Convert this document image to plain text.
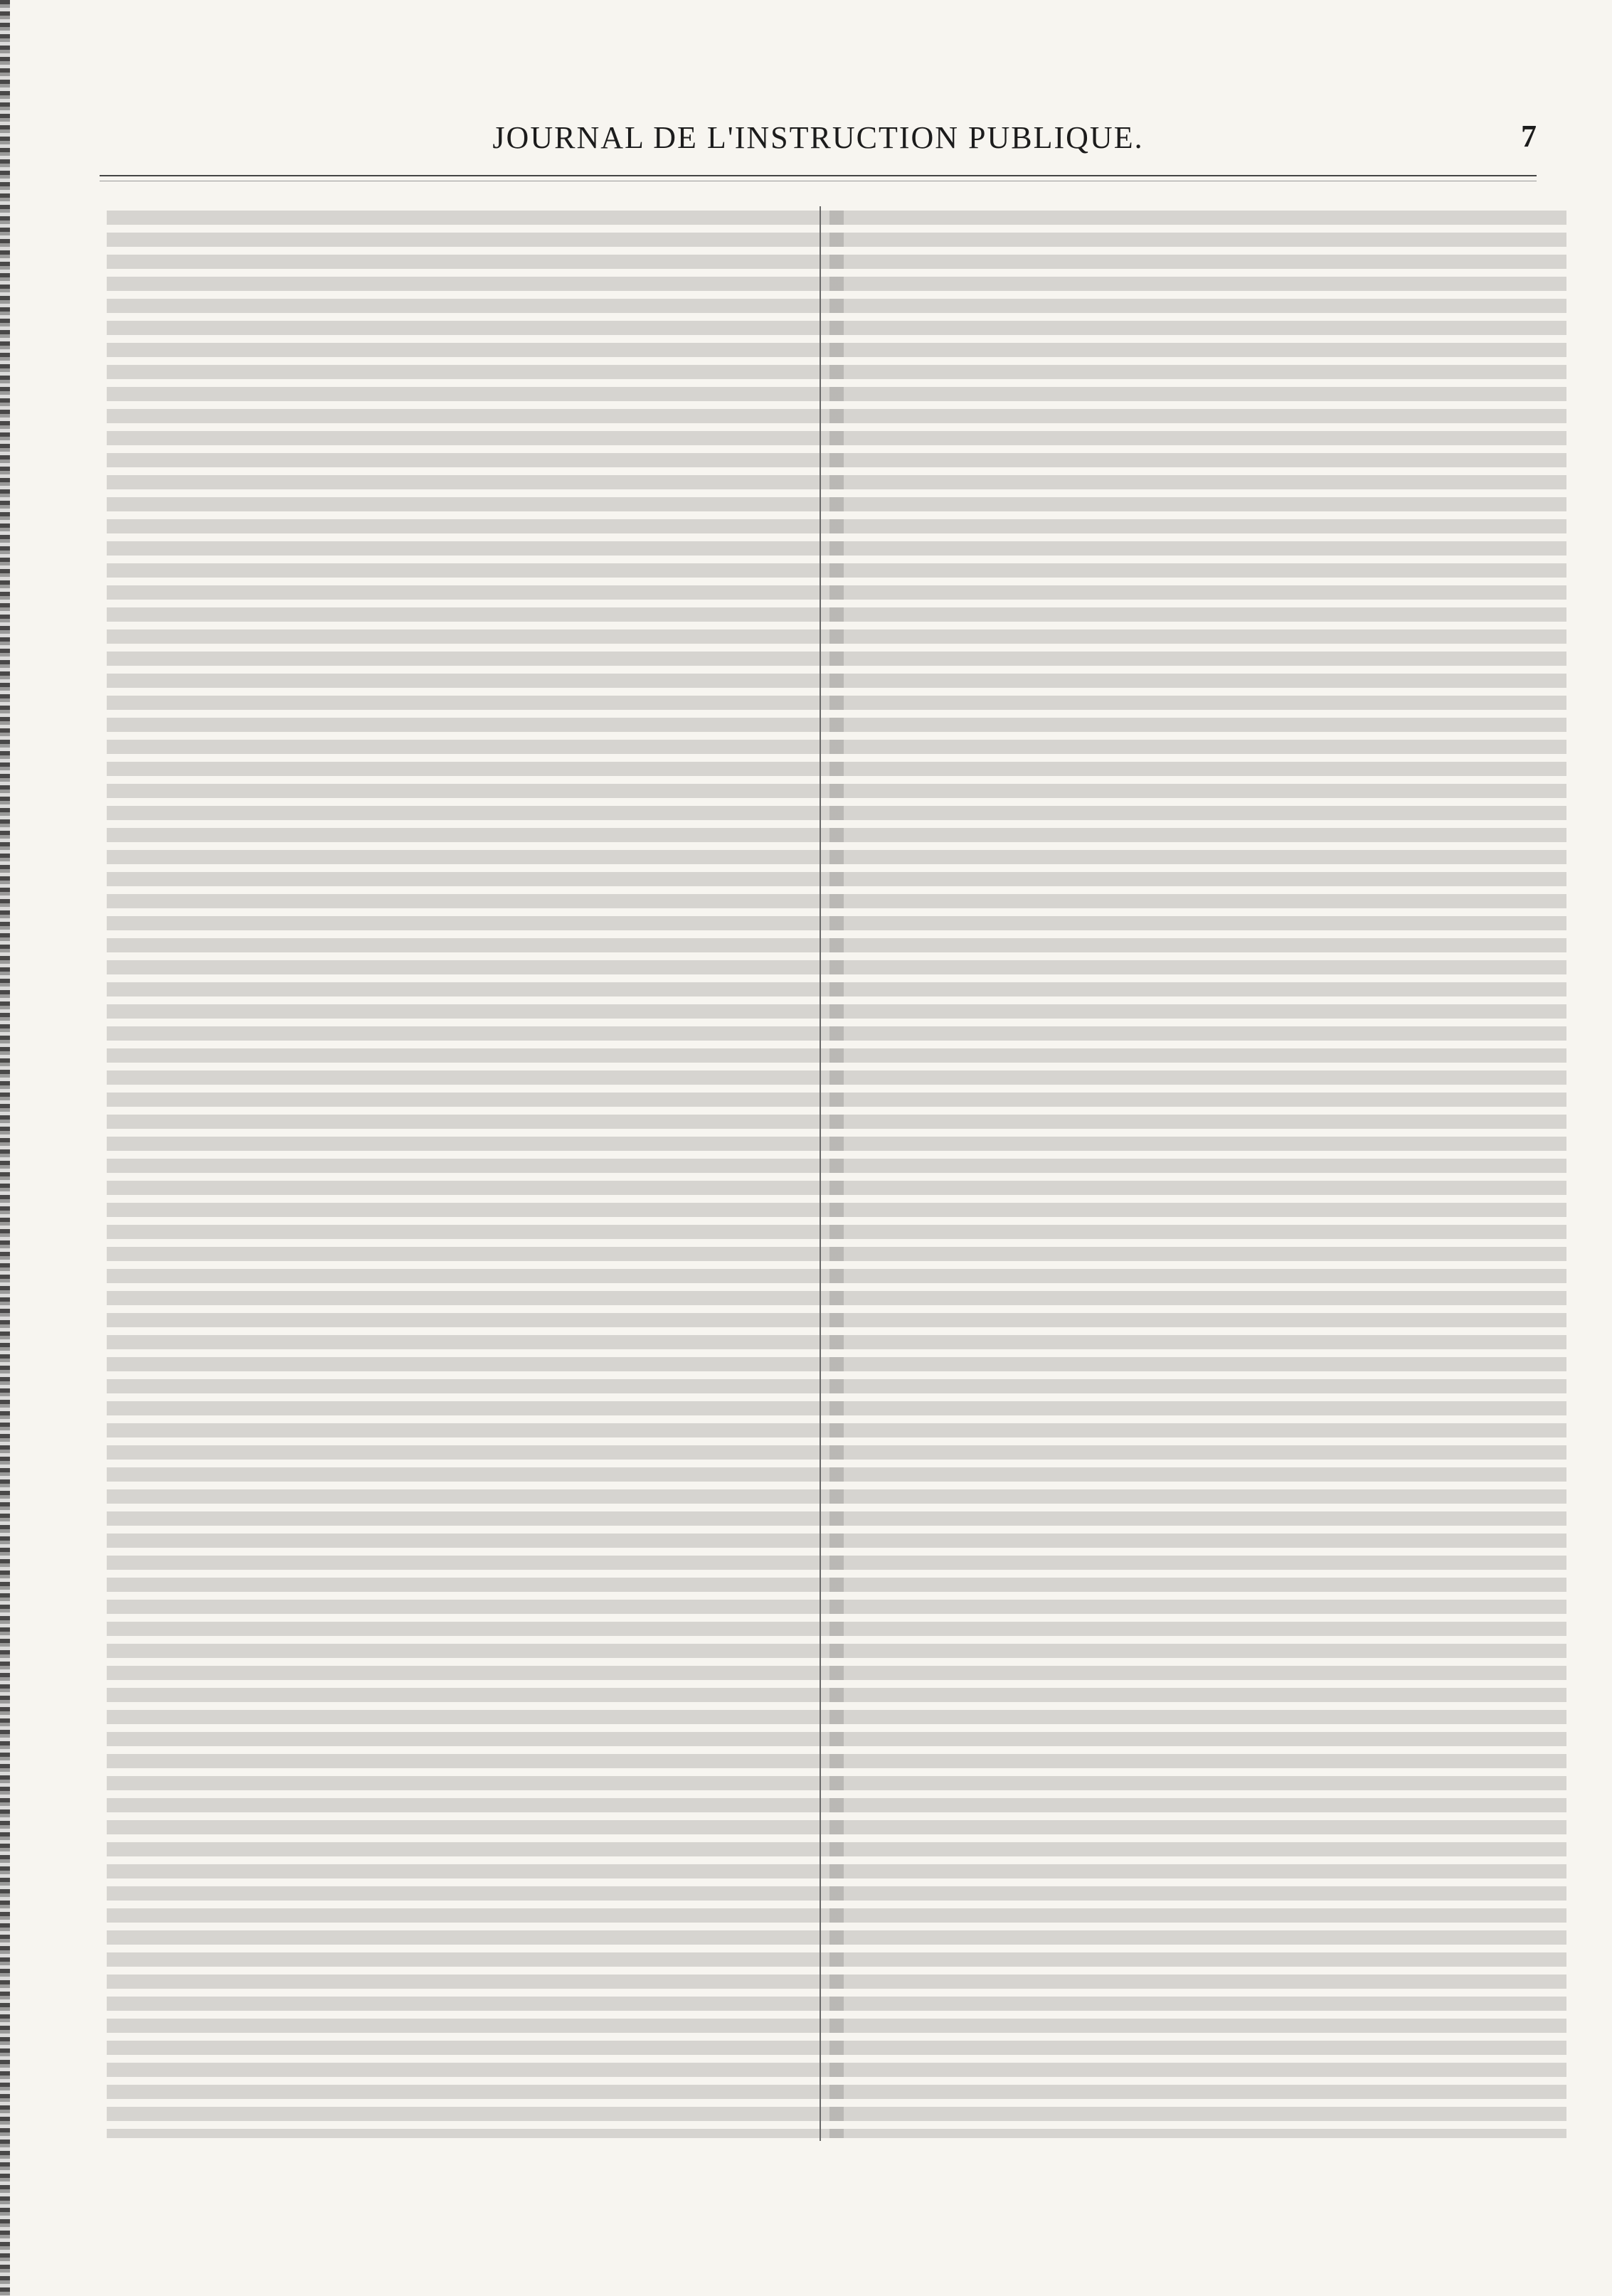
JOURNAL DE L'INSTRUCTION PUBLIQUE.	7
